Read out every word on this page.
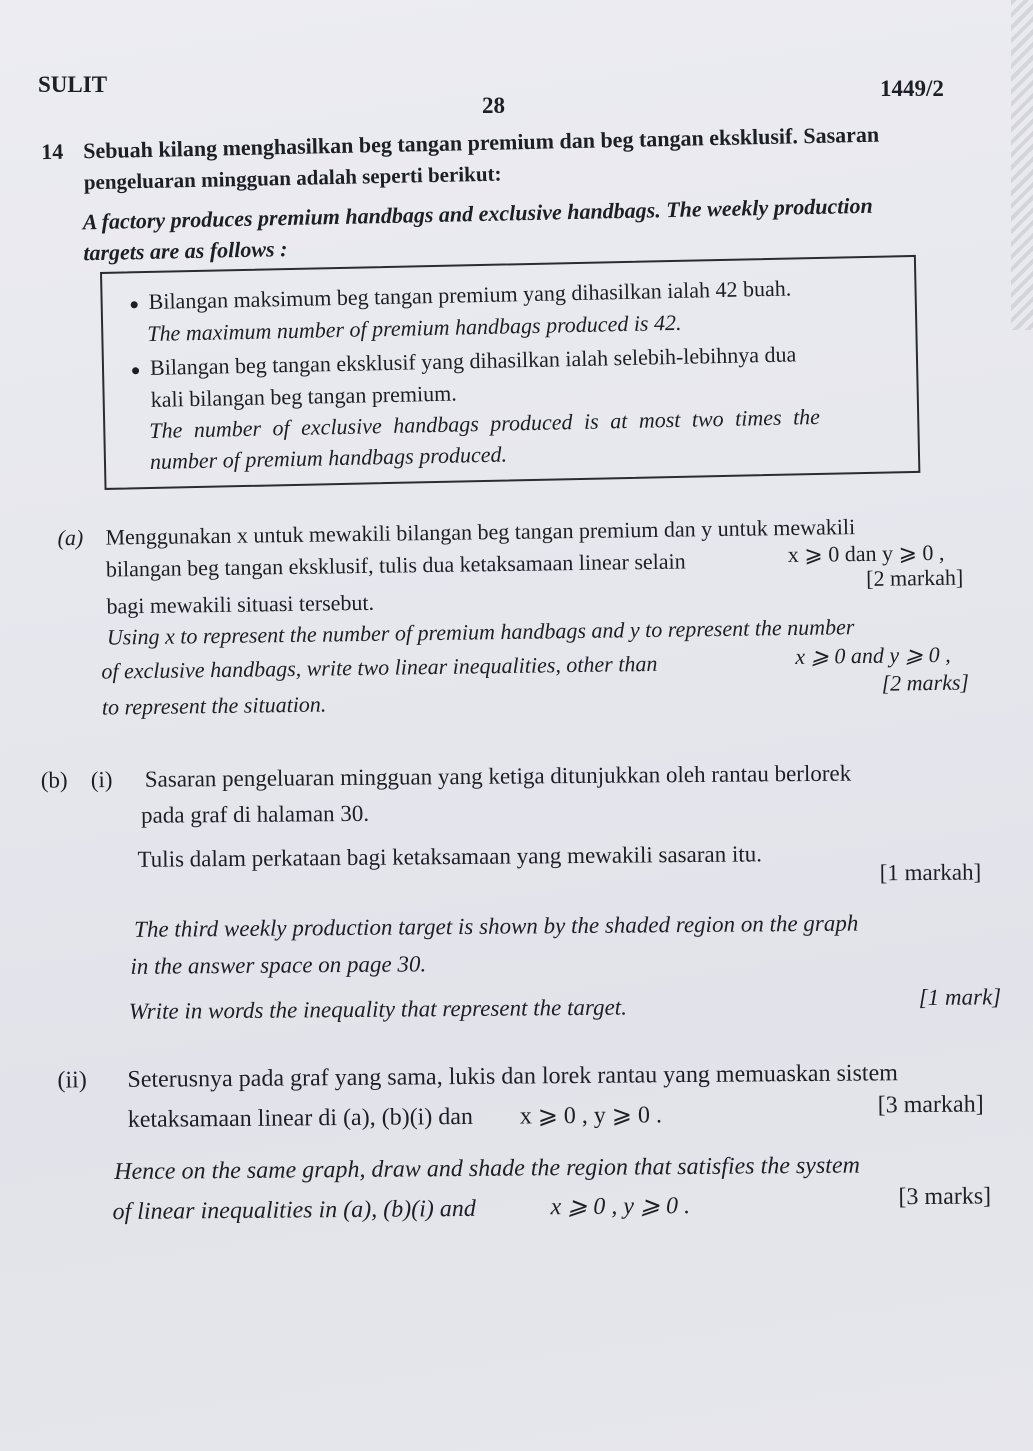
SULIT
28
1449/2
14 Sebuah kilang menghasilkan beg tangan premium dan beg tangan eksklusif. Sasaran
pengeluaran mingguan adalah seperti berikut:
A factory produces premium handbags and exclusive handbags. The weekly production
targets are as follows :
Bilangan maksimum beg tangan premium yang dihasilkan ialah 42 buah.
The maximum number of premium handbags produced is 42.
Bilangan beg tangan eksklusif yang dihasilkan ialah selebih-lebihnya dua
kali bilangan beg tangan premium.
The number of exclusive handbags produced is at most two times the
number of premium handbags produced.
(a) Menggunakan x untuk mewakili bilangan beg tangan premium dan y untuk mewakili
bilangan beg tangan eksklusif, tulis dua ketaksamaan linear selain	x ⩾ 0 dan y ⩾ 0 ,
bagi mewakili situasi tersebut.
[2 markah]
Using x to represent the number of premium handbags and y to represent the number
of exclusive handbags, write two linear inequalities, other than	x ⩾ 0 and y ⩾ 0 ,
to represent the situation.
[2 marks]
(b) (i) Sasaran pengeluaran mingguan yang ketiga ditunjukkan oleh rantau berlorek
pada graf di halaman 30.
Tulis dalam perkataan bagi ketaksamaan yang mewakili sasaran itu.
[1 markah]
The third weekly production target is shown by the shaded region on the graph
in the answer space on page 30.
Write in words the inequality that represent the target.	[1 mark]
(ii) Seterusnya pada graf yang sama, lukis dan lorek rantau yang memuaskan sistem
ketaksamaan linear di (a), (b)(i) dan x ⩾ 0 , y ⩾ 0 .	[3 markah]
Hence on the same graph, draw and shade the region that satisfies the system
of linear inequalities in (a), (b)(i) and	x ⩾ 0 , y ⩾ 0 .	[3 marks]
